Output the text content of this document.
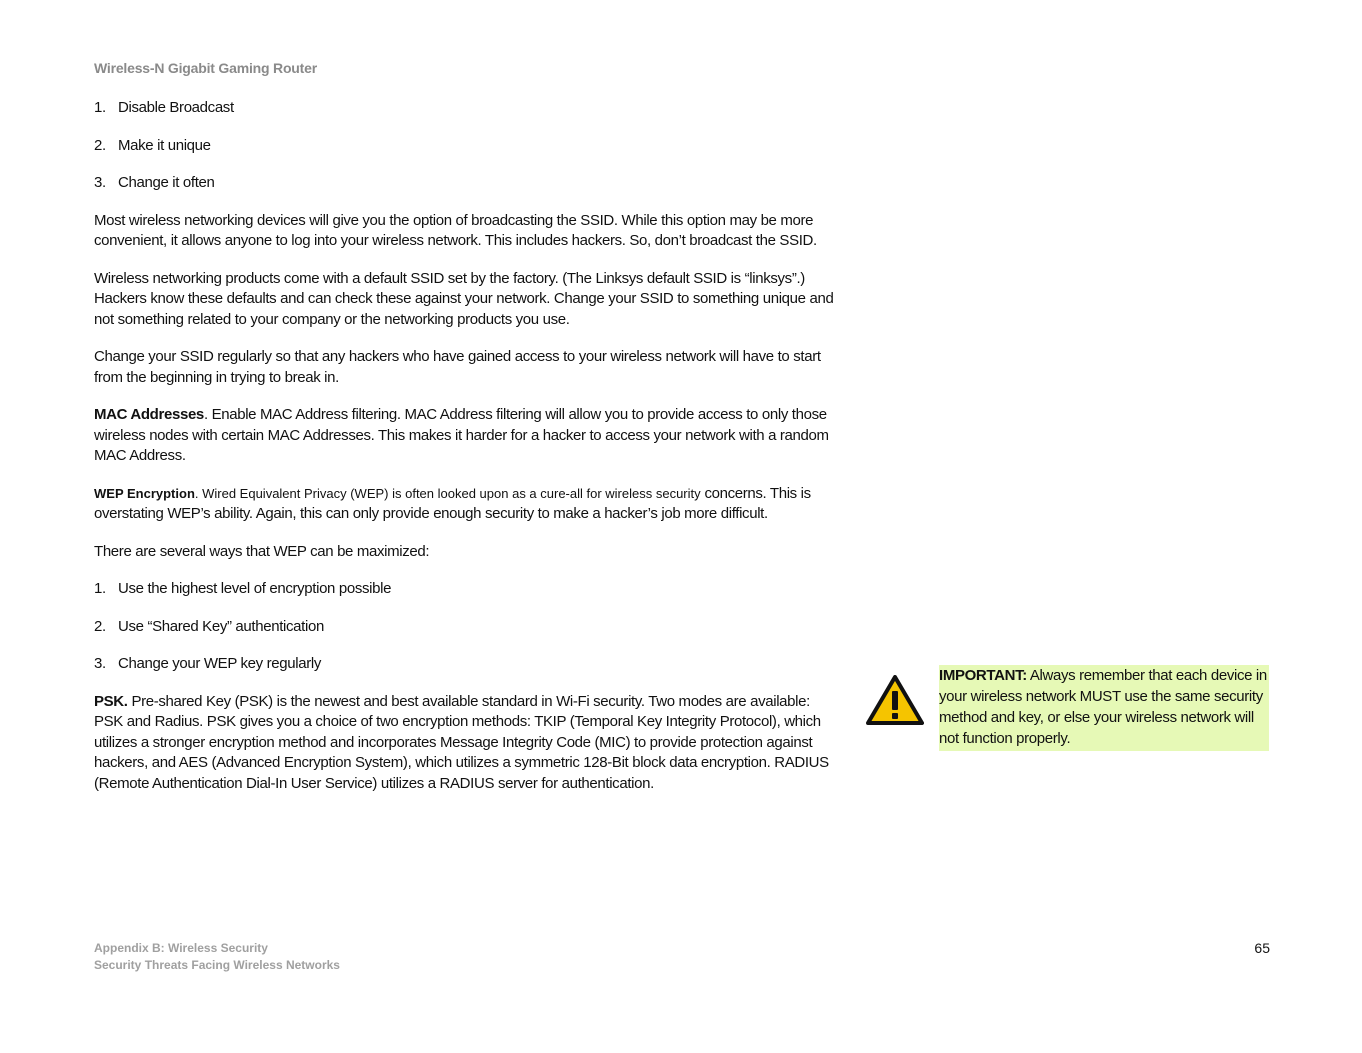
Wireless-N Gigabit Gaming Router
1. Disable Broadcast
2. Make it unique
3. Change it often

Most wireless networking devices will give you the option of broadcasting the SSID. While this option may be more convenient, it allows anyone to log into your wireless network. This includes hackers. So, don’t broadcast the SSID.

Wireless networking products come with a default SSID set by the factory. (The Linksys default SSID is “linksys”.) Hackers know these defaults and can check these against your network. Change your SSID to something unique and not something related to your company or the networking products you use.

Change your SSID regularly so that any hackers who have gained access to your wireless network will have to start from the beginning in trying to break in.

MAC Addresses. Enable MAC Address filtering. MAC Address filtering will allow you to provide access to only those wireless nodes with certain MAC Addresses. This makes it harder for a hacker to access your network with a random MAC Address.

WEP Encryption. Wired Equivalent Privacy (WEP) is often looked upon as a cure-all for wireless security concerns. This is overstating WEP’s ability. Again, this can only provide enough security to make a hacker’s job more difficult.

There are several ways that WEP can be maximized:

1. Use the highest level of encryption possible
2. Use “Shared Key” authentication
3. Change your WEP key regularly

PSK. Pre-shared Key (PSK) is the newest and best available standard in Wi-Fi security. Two modes are available: PSK and Radius. PSK gives you a choice of two encryption methods: TKIP (Temporal Key Integrity Protocol), which utilizes a stronger encryption method and incorporates Message Integrity Code (MIC) to provide protection against hackers, and AES (Advanced Encryption System), which utilizes a symmetric 128-Bit block data encryption. RADIUS (Remote Authentication Dial-In User Service) utilizes a RADIUS server for authentication.

IMPORTANT: Always remember that each device in your wireless network MUST use the same security method and key, or else your wireless network will not function properly.
Appendix B: Wireless Security
Security Threats Facing Wireless Networks
65
